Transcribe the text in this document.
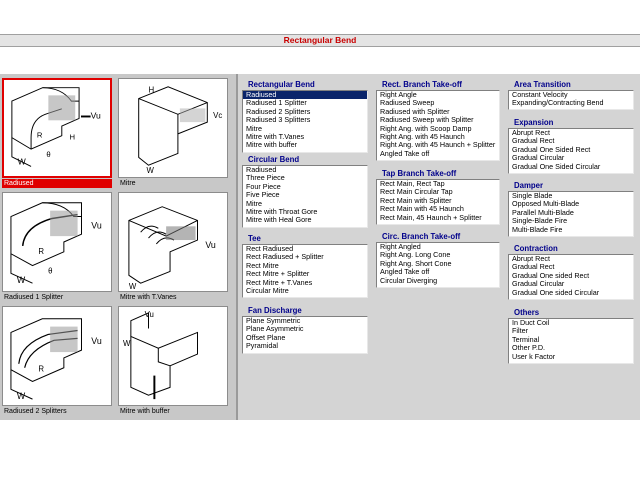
Rectangular Bend
W
R
θ
H
Vu
Radiused
H
W
Vc
Mitre
W
R
θ
Vu
Radiused 1 Splitter
W
Vu
Mitre with T.Vanes
W
R
Vu
Radiused 2 Splitters
W
Vu
Mitre with buffer
Rectangular Bend
Radiused
Radiused 1 Splitter
Radiused 2 Splitters
Radiused 3 Splitters
Mitre
Mitre with T.Vanes
Mitre with buffer
Circular Bend
Radiused
Three Piece
Four Piece
Five Piece
Mitre
Mitre with Throat Gore
Mitre with Heal Gore
Tee
Rect Radiused
Rect Radiused + Splitter
Rect Mitre
Rect Mitre + Splitter
Rect Mitre + T.Vanes
Circular Mitre
Fan Discharge
Plane Symmetric
Plane Asymmetric
Offset Plane
Pyramidal
Rect. Branch Take-off
Right Angle
Radiused Sweep
Radiused with Splitter
Radiused Sweep with Splitter
Right Ang. with Scoop Damp
Right Ang. with 45 Haunch
Right Ang. with 45 Haunch + Splitter
Angled Take off
Tap Branch Take-off
Rect Main, Rect Tap
Rect Main Circular Tap
Rect Main with Splitter
Rect Main with 45 Haunch
Rect Main, 45 Haunch + Splitter
Circ. Branch Take-off
Right Angled
Right Ang. Long Cone
Right Ang. Short Cone
Angled Take off
Circular Diverging
Area Transition
Constant Velocity
Expanding/Contracting Bend
Expansion
Abrupt Rect
Gradual Rect
Gradual One Sided Rect
Gradual Circular
Gradual One Sided Circular
Damper
Single Blade
Opposed Multi-Blade
Parallel Multi-Blade
Single-Blade Fire
Multi-Blade Fire
Contraction
Abrupt Rect
Gradual Rect
Gradual One sided Rect
Gradual Circular
Gradual One sided Circular
Others
In Duct Coil
Filter
Terminal
Other P.D.
User k Factor
